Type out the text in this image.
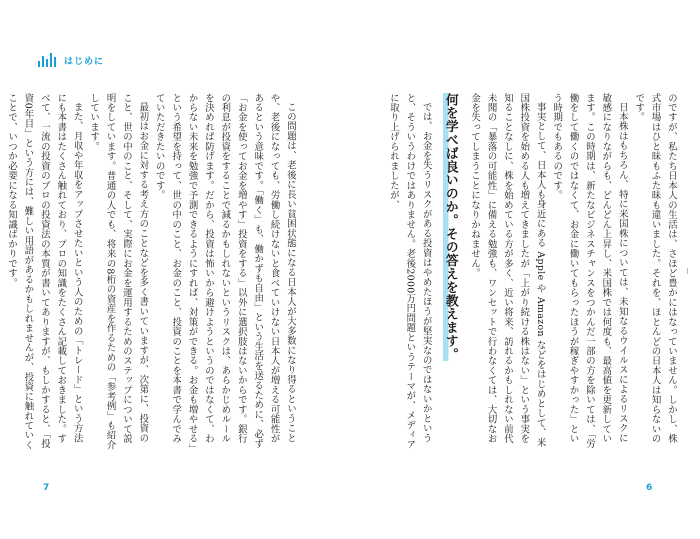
はじめに

のですが、私たち日本人の生活は、さほど豊かにはなっていません。しかし、株式市場はひと昧もふた昧も違いました。それを、ほとんどの日本人は知らないのです。

日本株はもちろん、特に米国株については、未知なるウイルスによるリスクに敏感になりながらも、どんどん上昇し、米国株では何度も、最高値を更新しています。この時期は、新たなビジネスチャンスをつかんだ一部の方を除いては、「労働をして働くのではなくて、お金に働いてもらったほうが稼ぎやすかった」という時期でもあるのです。

事実として、日本人も身近にある Apple や Amazon などをはじめとして、米国株投資を始める人も増えてきましたが「上がり続ける株はない」という事実を知ることなしに、株を始めている方が多く、近い将来、訪れるかもしれない前代未聞の「暴落の可能性」に備える勉強も、ワンセットで行わなくては、大切なお金を失ってしまうことになりかねません。

何を学べば良いのか。その答えを教えます。

では、お金を失うリスクがある投資はやめたほうが堅実なのではないかというと、そういうわけではありません。老後2000万円問題というテーマが、メディアに取り上げられましたが、

この問題は、老後に長い貧困状態になる日本人が大多数になり得るということや、老後になっても、労働し続けないと食べていけない日本人が増える可能性があるという意味です。「働く」も、働かずも自由」という生活を送るために、必ず「お金を使ってお金を増やす」投資をする」以外に選択肢はないからです。銀行の利息が投資をすることで減るかもしれないというリスクは、あらかじめルールを決めれば防げます。だから、投資は怖いから避けようというのではなくて、わからない未来を勉強で予測できるようにすれば、対策ができる。お金も増やせる」という希望を持って、世の中のこと、お金のこと、投資のことを本書で学んでみていただきたいのです。

最初はお金に対する考え方のことなどを多く書いていますが、次第に、投資のこと、世の中のこと、そして、実際にお金を運用するためのステップについて説明をしています。普通の人でも、将来の8桁の資産を作るための「参考例」も紹介しています。

また、月収や年収をアップさせたいという人のための「トレード」という方法にも本書はたくさん触れており、プロの知識をたくさん記載しておきました。すべて、一流の投資のプロの投資法の本質が書いてありますが、もしかすると、「投資0年目」という方には、難しい用語があるかもしれませんが、投資に触れていくことで、いつか必要になる知識ばかりです。

7	6
